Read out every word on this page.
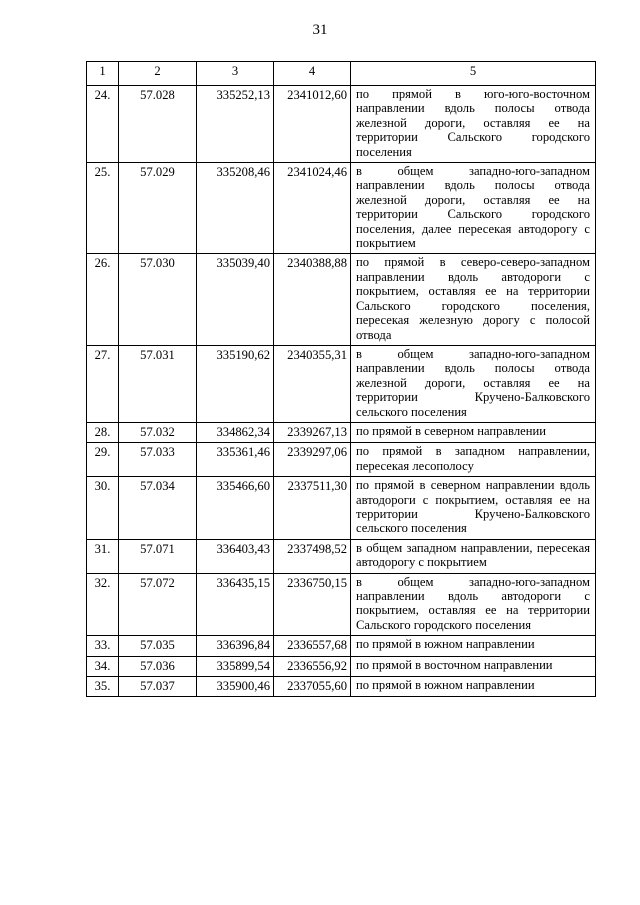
31
1	2	3	4	5
24.	57.028	335252,13	2341012,60	по прямой в юго-юго-восточном направлении вдоль полосы отвода железной дороги, оставляя ее на территории Сальского городского поселения
25.	57.029	335208,46	2341024,46	в общем западно-юго-западном направлении вдоль полосы отвода железной дороги, оставляя ее на территории Сальского городского поселения, далее пересекая автодорогу с покрытием
26.	57.030	335039,40	2340388,88	по прямой в северо-северо-западном направлении вдоль автодороги с покрытием, оставляя ее на территории Сальского городского поселения, пересекая железную дорогу с полосой отвода
27.	57.031	335190,62	2340355,31	в общем западно-юго-западном направлении вдоль полосы отвода железной дороги, оставляя ее на территории Кручено-Балковского сельского поселения
28.	57.032	334862,34	2339267,13	по прямой в северном направлении
29.	57.033	335361,46	2339297,06	по прямой в западном направлении, пересекая лесополосу
30.	57.034	335466,60	2337511,30	по прямой в северном направлении вдоль автодороги с покрытием, оставляя ее на территории Кручено-Балковского сельского поселения
31.	57.071	336403,43	2337498,52	в общем западном направлении, пересекая автодорогу с покрытием
32.	57.072	336435,15	2336750,15	в общем западно-юго-западном направлении вдоль автодороги с покрытием, оставляя ее на территории Сальского городского поселения
33.	57.035	336396,84	2336557,68	по прямой в южном направлении
34.	57.036	335899,54	2336556,92	по прямой в восточном направлении
35.	57.037	335900,46	2337055,60	по прямой в южном направлении
